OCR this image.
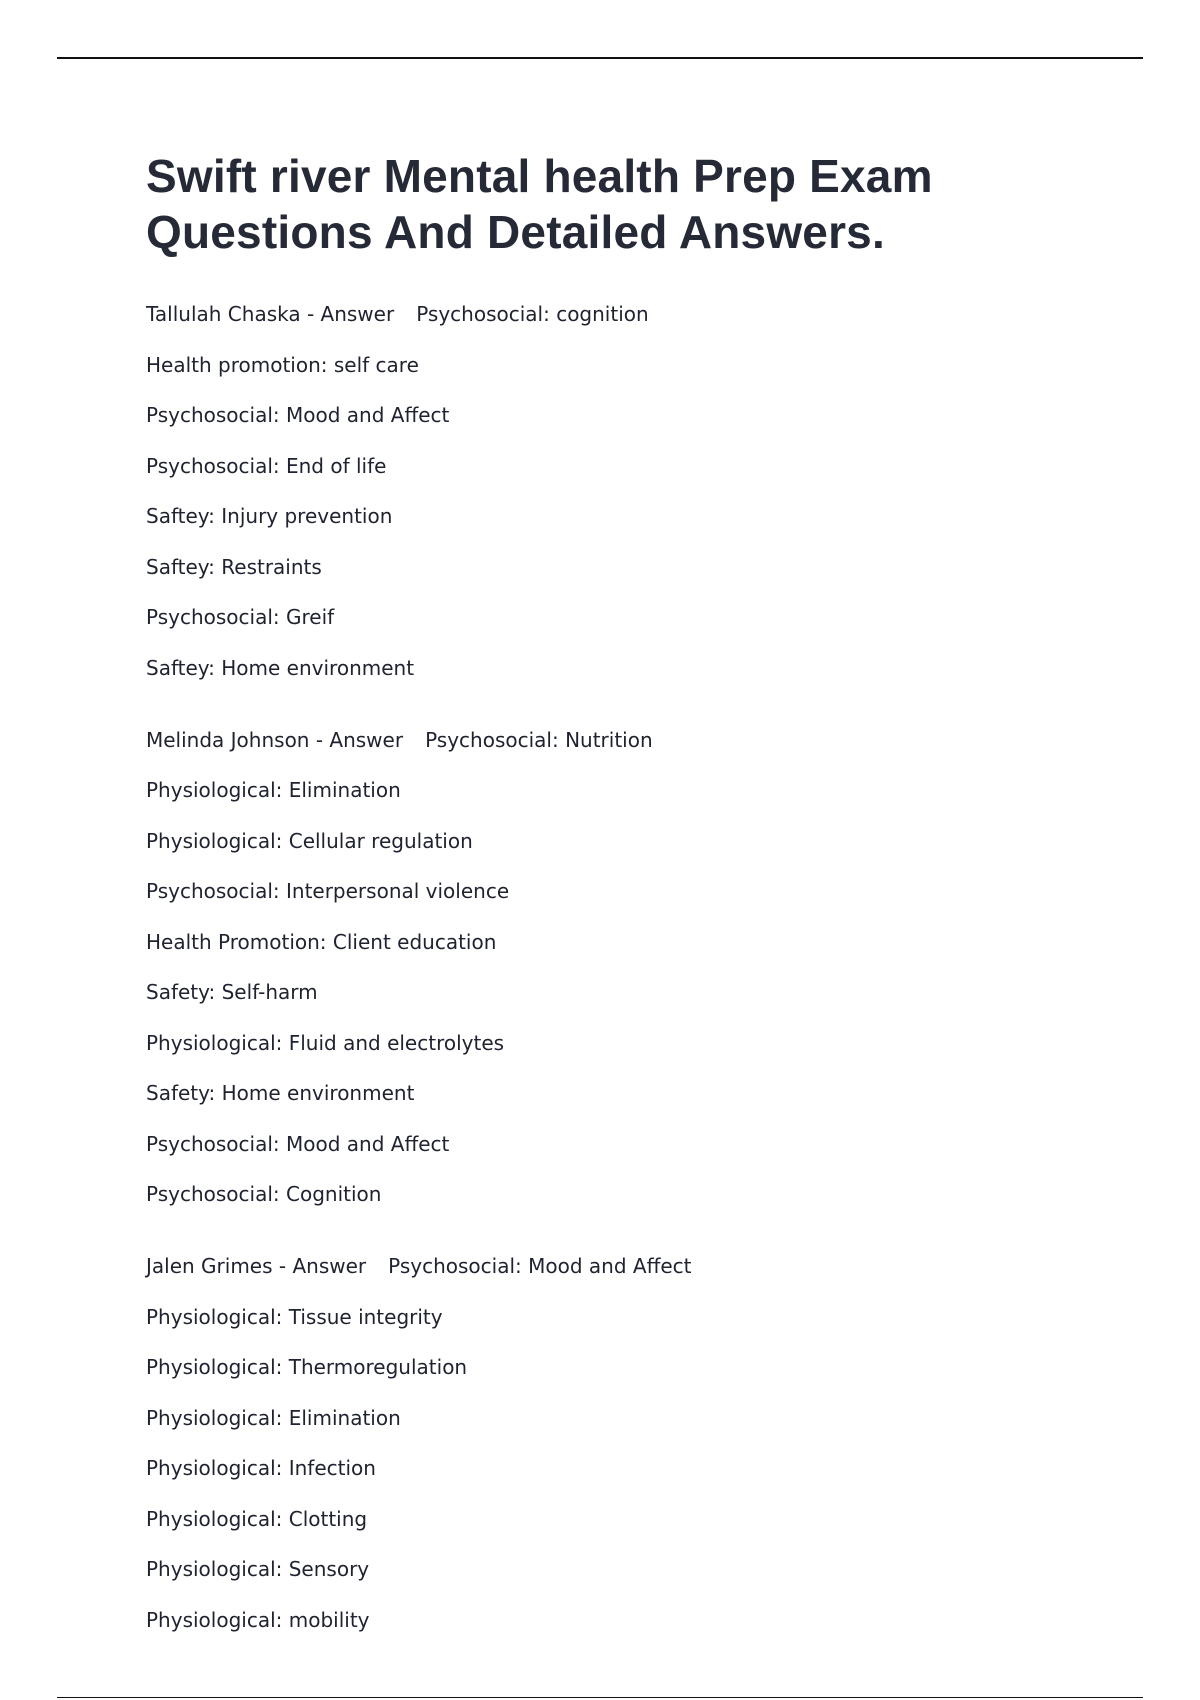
Swift river Mental health Prep Exam
Questions And Detailed Answers.
Tallulah Chaska - Answer Psychosocial: cognition
Health promotion: self care
Psychosocial: Mood and Affect
Psychosocial: End of life
Saftey: Injury prevention
Saftey: Restraints
Psychosocial: Greif
Saftey: Home environment
Melinda Johnson - Answer Psychosocial: Nutrition
Physiological: Elimination
Physiological: Cellular regulation
Psychosocial: Interpersonal violence
Health Promotion: Client education
Safety: Self-harm
Physiological: Fluid and electrolytes
Safety: Home environment
Psychosocial: Mood and Affect
Psychosocial: Cognition
Jalen Grimes - Answer Psychosocial: Mood and Affect
Physiological: Tissue integrity
Physiological: Thermoregulation
Physiological: Elimination
Physiological: Infection
Physiological: Clotting
Physiological: Sensory
Physiological: mobility
